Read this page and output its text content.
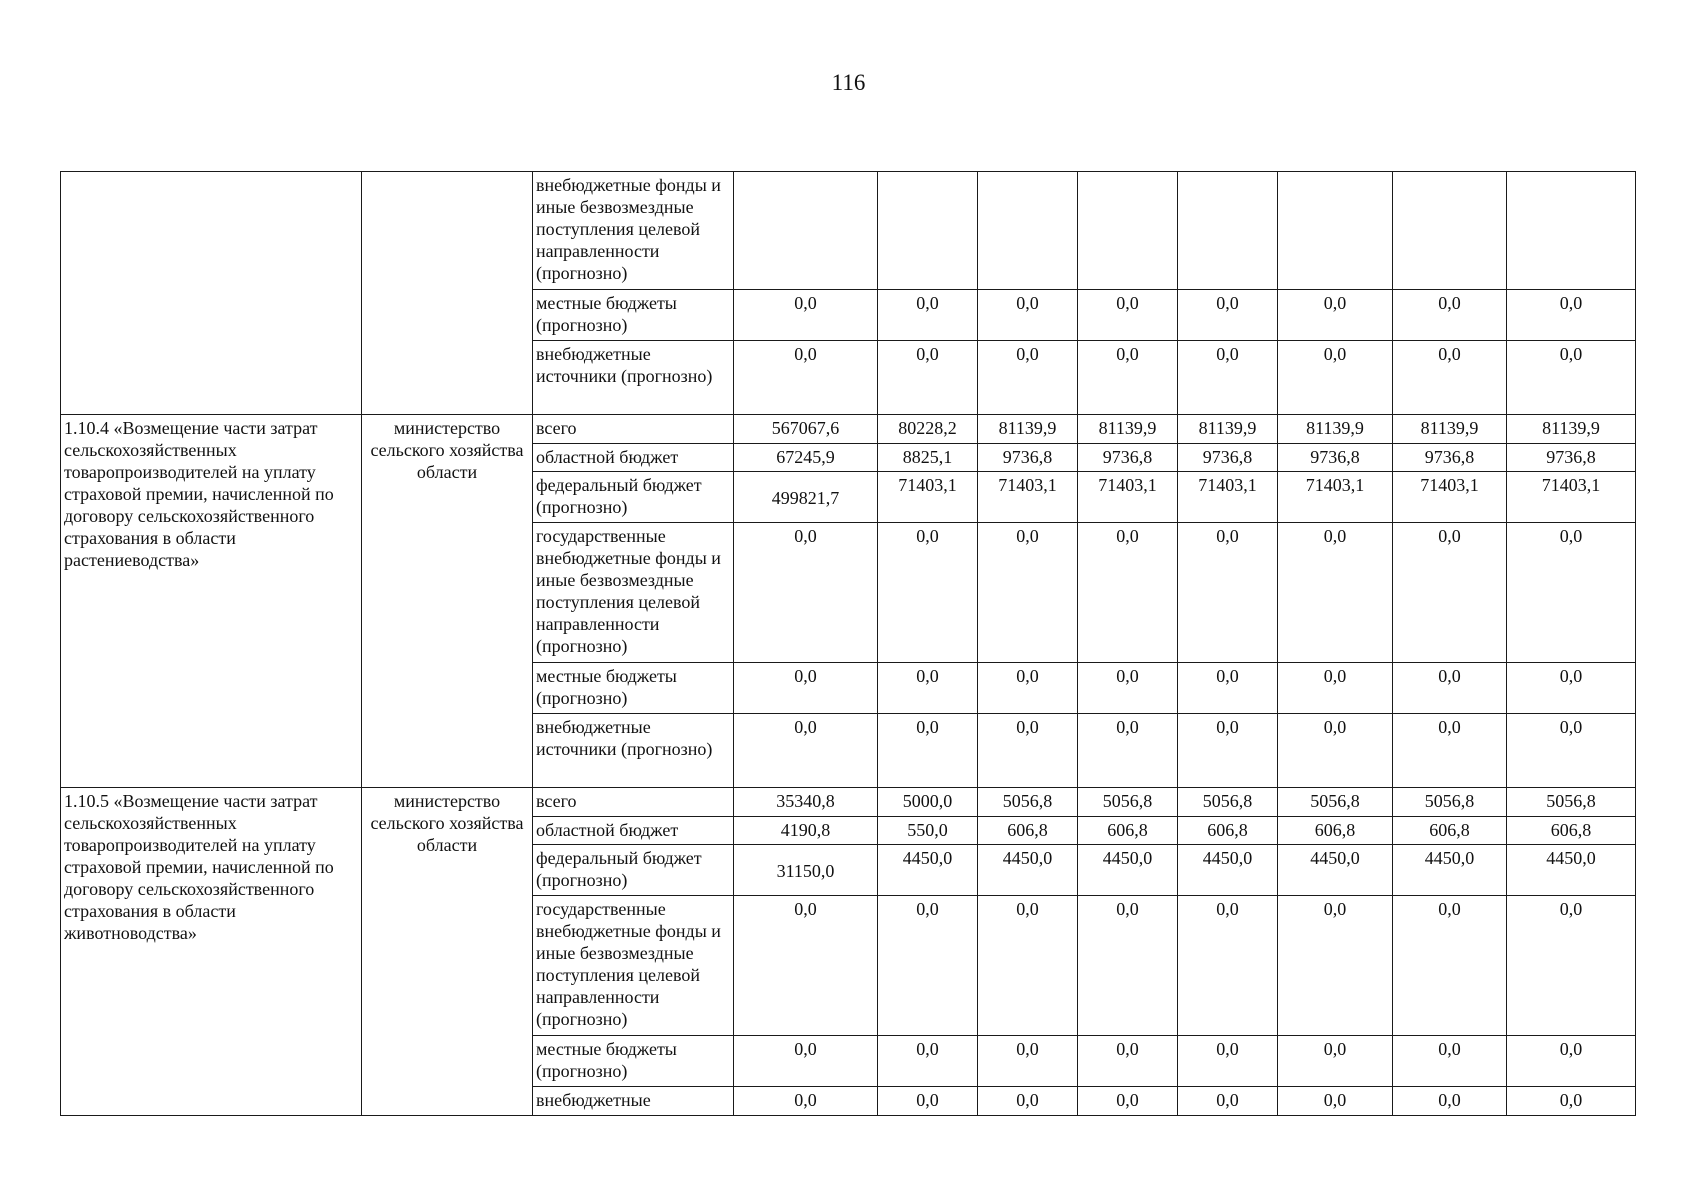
116
		внебюджетные фонды и иные безвозмездные поступления целевой направленности (прогнозно)								
		местные бюджеты (прогнозно)	0,0	0,0	0,0	0,0	0,0	0,0	0,0	0,0
		внебюджетные источники (прогнозно)	0,0	0,0	0,0	0,0	0,0	0,0	0,0	0,0
1.10.4 «Возмещение части затрат сельскохозяйственных товаропроизводителей на уплату страховой премии, начисленной по договору сельскохозяйственного страхования в области растениеводства»	министерство сельского хозяйства области	всего	567067,6	80228,2	81139,9	81139,9	81139,9	81139,9	81139,9	81139,9
		областной бюджет	67245,9	8825,1	9736,8	9736,8	9736,8	9736,8	9736,8	9736,8
		федеральный бюджет (прогнозно)	499821,7	71403,1	71403,1	71403,1	71403,1	71403,1	71403,1	71403,1
		государственные внебюджетные фонды и иные безвозмездные поступления целевой направленности (прогнозно)	0,0	0,0	0,0	0,0	0,0	0,0	0,0	0,0
		местные бюджеты (прогнозно)	0,0	0,0	0,0	0,0	0,0	0,0	0,0	0,0
		внебюджетные источники (прогнозно)	0,0	0,0	0,0	0,0	0,0	0,0	0,0	0,0
1.10.5 «Возмещение части затрат сельскохозяйственных товаропроизводителей на уплату страховой премии, начисленной по договору сельскохозяйственного страхования в области животноводства»	министерство сельского хозяйства области	всего	35340,8	5000,0	5056,8	5056,8	5056,8	5056,8	5056,8	5056,8
		областной бюджет	4190,8	550,0	606,8	606,8	606,8	606,8	606,8	606,8
		федеральный бюджет (прогнозно)	31150,0	4450,0	4450,0	4450,0	4450,0	4450,0	4450,0	4450,0
		государственные внебюджетные фонды и иные безвозмездные поступления целевой направленности (прогнозно)	0,0	0,0	0,0	0,0	0,0	0,0	0,0	0,0
		местные бюджеты (прогнозно)	0,0	0,0	0,0	0,0	0,0	0,0	0,0	0,0
		внебюджетные	0,0	0,0	0,0	0,0	0,0	0,0	0,0	0,0
